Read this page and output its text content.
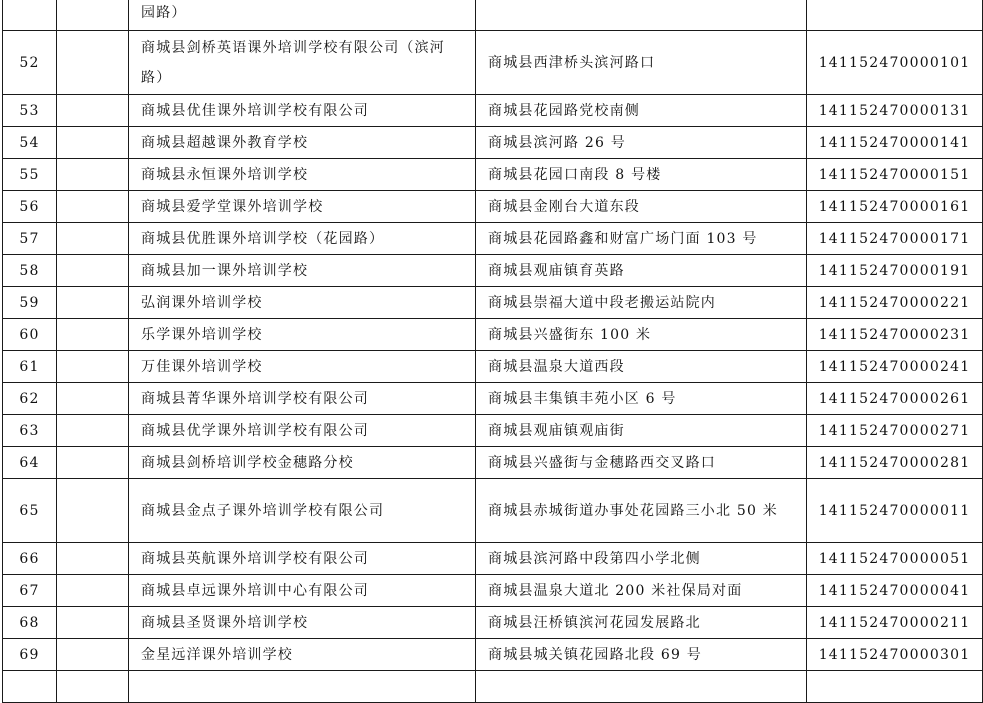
		园路）		
52		商城县剑桥英语课外培训学校有限公司（滨河路）	商城县西津桥头滨河路口	141152470000101
53		商城县优佳课外培训学校有限公司	商城县花园路党校南侧	141152470000131
54		商城县超越课外教育学校	商城县滨河路 26 号	141152470000141
55		商城县永恒课外培训学校	商城县花园口南段 8 号楼	141152470000151
56		商城县爱学堂课外培训学校	商城县金刚台大道东段	141152470000161
57		商城县优胜课外培训学校（花园路）	商城县花园路鑫和财富广场门面 103 号	141152470000171
58		商城县加一课外培训学校	商城县观庙镇育英路	141152470000191
59		弘润课外培训学校	商城县崇福大道中段老搬运站院内	141152470000221
60		乐学课外培训学校	商城县兴盛街东 100 米	141152470000231
61		万佳课外培训学校	商城县温泉大道西段	141152470000241
62		商城县菁华课外培训学校有限公司	商城县丰集镇丰苑小区 6 号	141152470000261
63		商城县优学课外培训学校有限公司	商城县观庙镇观庙街	141152470000271
64		商城县剑桥培训学校金穗路分校	商城县兴盛街与金穗路西交叉路口	141152470000281
65		商城县金点子课外培训学校有限公司	商城县赤城街道办事处花园路三小北 50 米	141152470000011
66		商城县英航课外培训学校有限公司	商城县滨河路中段第四小学北侧	141152470000051
67		商城县卓远课外培训中心有限公司	商城县温泉大道北 200 米社保局对面	141152470000041
68		商城县圣贤课外培训学校	商城县汪桥镇滨河花园发展路北	141152470000211
69		金星远洋课外培训学校	商城县城关镇花园路北段 69 号	141152470000301
